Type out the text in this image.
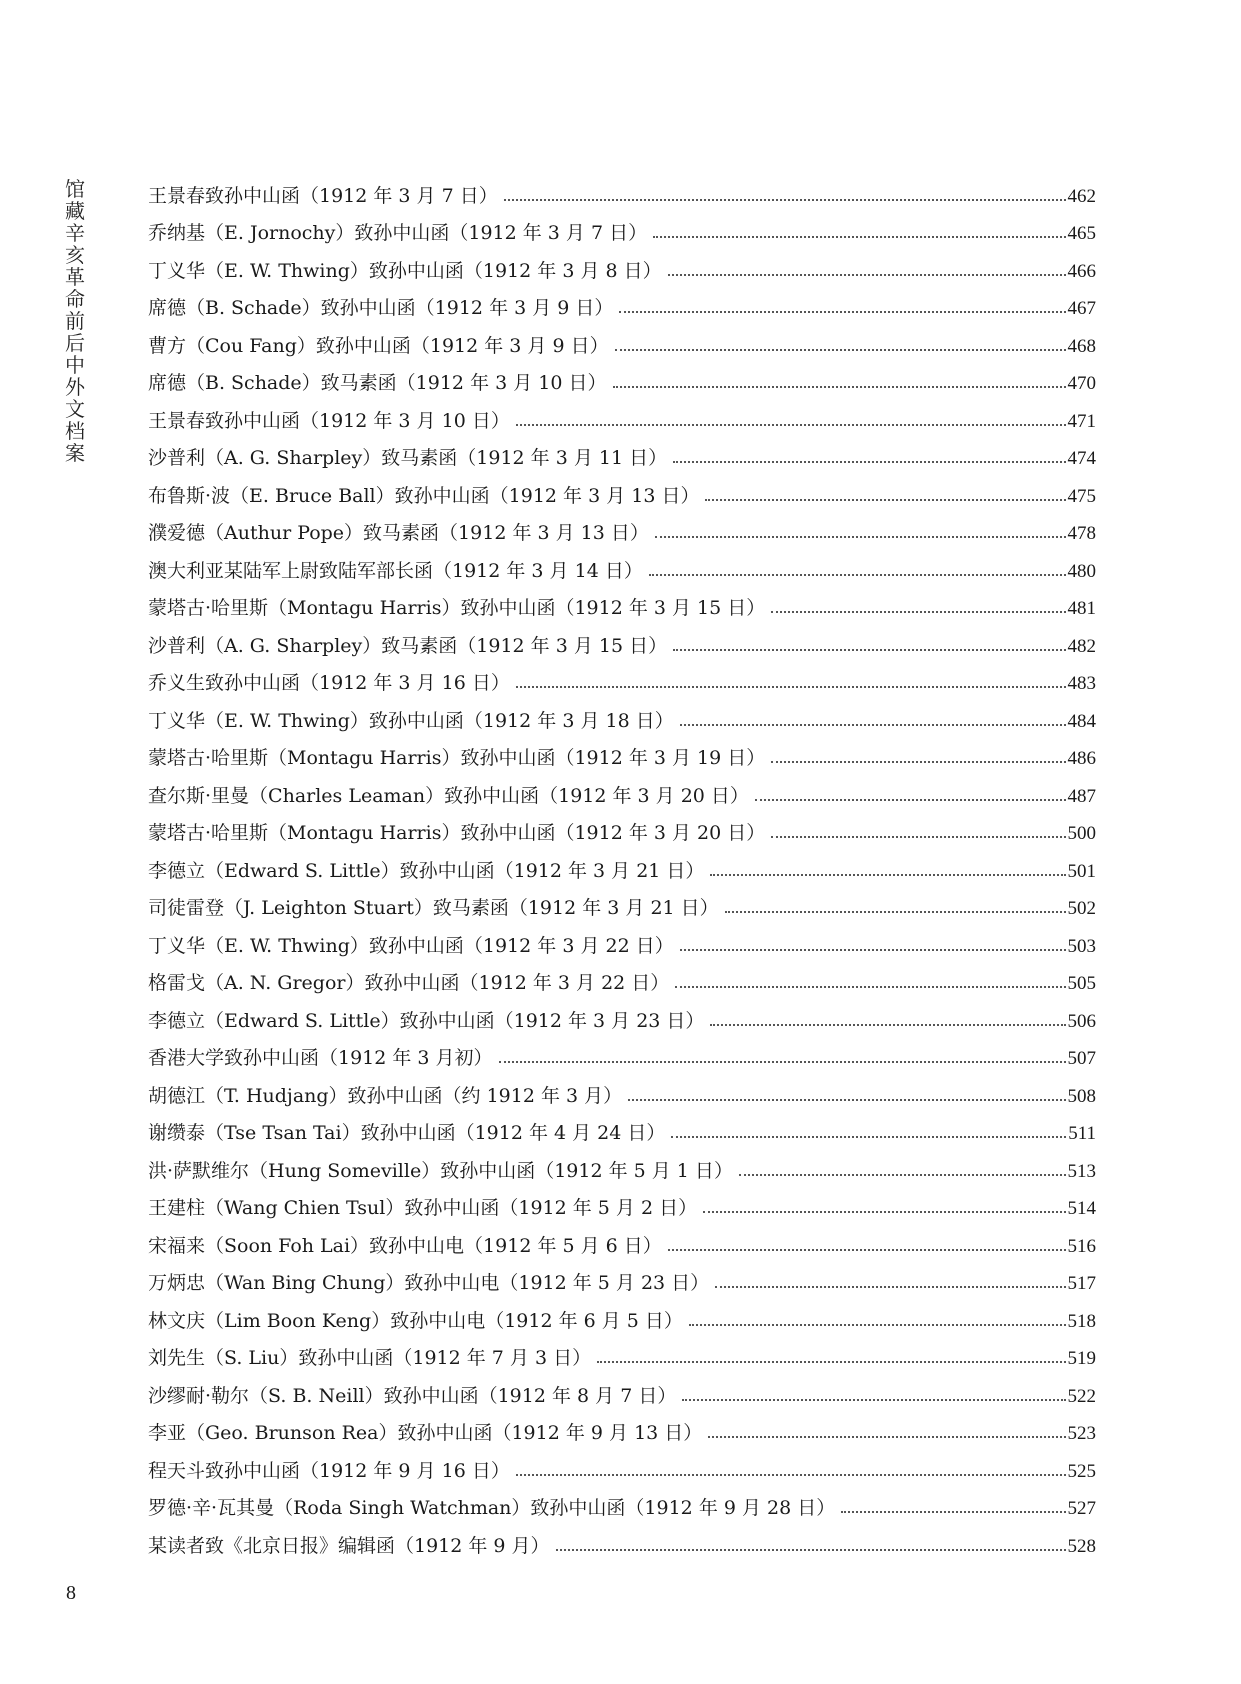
馆藏辛亥革命前后中外文档案
王景春致孙中山函（1912 年 3 月 7 日）	462
乔纳基（E. Jornochy）致孙中山函（1912 年 3 月 7 日）	465
丁义华（E. W. Thwing）致孙中山函（1912 年 3 月 8 日）	466
席德（B. Schade）致孙中山函（1912 年 3 月 9 日）	467
曹方（Cou Fang）致孙中山函（1912 年 3 月 9 日）	468
席德（B. Schade）致马素函（1912 年 3 月 10 日）	470
王景春致孙中山函（1912 年 3 月 10 日）	471
沙普利（A. G. Sharpley）致马素函（1912 年 3 月 11 日）	474
布鲁斯·波（E. Bruce Ball）致孙中山函（1912 年 3 月 13 日）	475
濮爱德（Authur Pope）致马素函（1912 年 3 月 13 日）	478
澳大利亚某陆军上尉致陆军部长函（1912 年 3 月 14 日）	480
蒙塔古·哈里斯（Montagu Harris）致孙中山函（1912 年 3 月 15 日）	481
沙普利（A. G. Sharpley）致马素函（1912 年 3 月 15 日）	482
乔义生致孙中山函（1912 年 3 月 16 日）	483
丁义华（E. W. Thwing）致孙中山函（1912 年 3 月 18 日）	484
蒙塔古·哈里斯（Montagu Harris）致孙中山函（1912 年 3 月 19 日）	486
查尔斯·里曼（Charles Leaman）致孙中山函（1912 年 3 月 20 日）	487
蒙塔古·哈里斯（Montagu Harris）致孙中山函（1912 年 3 月 20 日）	500
李德立（Edward S. Little）致孙中山函（1912 年 3 月 21 日）	501
司徒雷登（J. Leighton Stuart）致马素函（1912 年 3 月 21 日）	502
丁义华（E. W. Thwing）致孙中山函（1912 年 3 月 22 日）	503
格雷戈（A. N. Gregor）致孙中山函（1912 年 3 月 22 日）	505
李德立（Edward S. Little）致孙中山函（1912 年 3 月 23 日）	506
香港大学致孙中山函（1912 年 3 月初）	507
胡德江（T. Hudjang）致孙中山函（约 1912 年 3 月）	508
谢缵泰（Tse Tsan Tai）致孙中山函（1912 年 4 月 24 日）	511
洪·萨默维尔（Hung Someville）致孙中山函（1912 年 5 月 1 日）	513
王建柱（Wang Chien Tsul）致孙中山函（1912 年 5 月 2 日）	514
宋福来（Soon Foh Lai）致孙中山电（1912 年 5 月 6 日）	516
万炳忠（Wan Bing Chung）致孙中山电（1912 年 5 月 23 日）	517
林文庆（Lim Boon Keng）致孙中山电（1912 年 6 月 5 日）	518
刘先生（S. Liu）致孙中山函（1912 年 7 月 3 日）	519
沙缪耐·勒尔（S. B. Neill）致孙中山函（1912 年 8 月 7 日）	522
李亚（Geo. Brunson Rea）致孙中山函（1912 年 9 月 13 日）	523
程天斗致孙中山函（1912 年 9 月 16 日）	525
罗德·辛·瓦其曼（Roda Singh Watchman）致孙中山函（1912 年 9 月 28 日）	527
某读者致《北京日报》编辑函（1912 年 9 月）	528
8
